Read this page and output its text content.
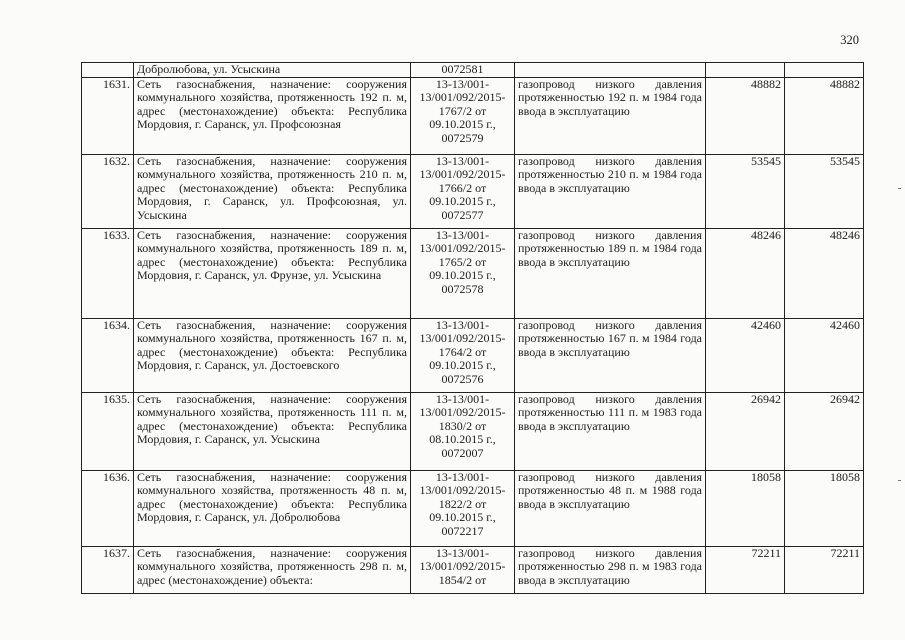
320
	Добролюбова, ул. Усыскина	0072581			
1631.	Сеть газоснабжения, назначение: сооружения коммунального хозяйства, протяженность 192 п. м, адрес (местонахождение) объекта: Республика Мордовия, г. Саранск, ул. Профсоюзная	13-13/001-13/001/092/2015-1767/2 от 09.10.2015 г., 0072579	газопровод низкого давления протяженностью 192 п. м 1984 года ввода в эксплуатацию	48882	48882
1632.	Сеть газоснабжения, назначение: сооружения коммунального хозяйства, протяженность 210 п. м, адрес (местонахождение) объекта: Республика Мордовия, г. Саранск, ул. Профсоюзная, ул. Усыскина	13-13/001-13/001/092/2015-1766/2 от 09.10.2015 г., 0072577	газопровод низкого давления протяженностью 210 п. м 1984 года ввода в эксплуатацию	53545	53545
1633.	Сеть газоснабжения, назначение: сооружения коммунального хозяйства, протяженность 189 п. м, адрес (местонахождение) объекта: Республика Мордовия, г. Саранск, ул. Фрунзе, ул. Усыскина	13-13/001-13/001/092/2015-1765/2 от 09.10.2015 г., 0072578	газопровод низкого давления протяженностью 189 п. м 1984 года ввода в эксплуатацию	48246	48246
1634.	Сеть газоснабжения, назначение: сооружения коммунального хозяйства, протяженность 167 п. м, адрес (местонахождение) объекта: Республика Мордовия, г. Саранск, ул. Достоевского	13-13/001-13/001/092/2015-1764/2 от 09.10.2015 г., 0072576	газопровод низкого давления протяженностью 167 п. м 1984 года ввода в эксплуатацию	42460	42460
1635.	Сеть газоснабжения, назначение: сооружения коммунального хозяйства, протяженность 111 п. м, адрес (местонахождение) объекта: Республика Мордовия, г. Саранск, ул. Усыскина	13-13/001-13/001/092/2015-1830/2 от 08.10.2015 г., 0072007	газопровод низкого давления протяженностью 111 п. м 1983 года ввода в эксплуатацию	26942	26942
1636.	Сеть газоснабжения, назначение: сооружения коммунального хозяйства, протяженность 48 п. м, адрес (местонахождение) объекта: Республика Мордовия, г. Саранск, ул. Добролюбова	13-13/001-13/001/092/2015-1822/2 от 09.10.2015 г., 0072217	газопровод низкого давления протяженностью 48 п. м 1988 года ввода в эксплуатацию	18058	18058
1637.	Сеть газоснабжения, назначение: сооружения коммунального хозяйства, протяженность 298 п. м, адрес (местонахождение) объекта:	13-13/001-13/001/092/2015-1854/2 от	газопровод низкого давления протяженностью 298 п. м 1983 года ввода в эксплуатацию	72211	72211
